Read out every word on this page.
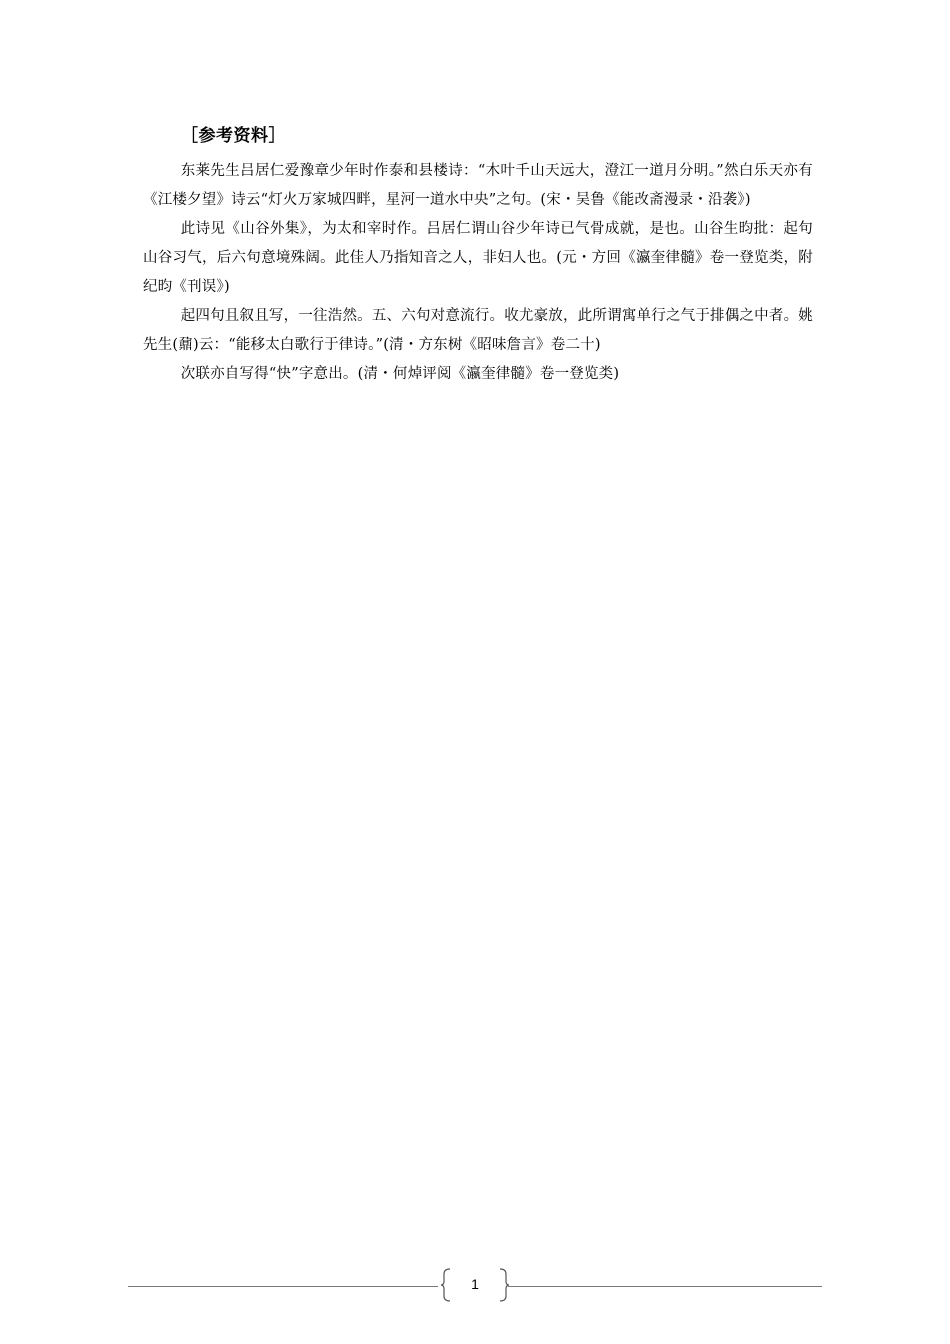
［参考资料］

东莱先生吕居仁爱豫章少年时作泰和县楼诗：“木叶千山天远大，澄江一道月分明。”然白乐天亦有《江楼夕望》诗云“灯火万家城四畔，星河一道水中央”之句。(宋・吴鲁《能改斋漫录・沿袭》)

此诗见《山谷外集》，为太和宰时作。吕居仁谓山谷少年诗已气骨成就，是也。山谷生昀批：起句山谷习气，后六句意境殊阔。此佳人乃指知音之人，非妇人也。(元・方回《瀛奎律髓》卷一登览类，附纪昀《刊误》)

起四句且叙且写，一往浩然。五、六句对意流行。收尤豪放，此所谓寓单行之气于排偶之中者。姚先生(鼐)云：“能移太白歌行于律诗。”(清・方东树《昭味詹言》卷二十)

次联亦自写得“快”字意出。(清・何焯评阅《瀛奎律髓》卷一登览类)

1
